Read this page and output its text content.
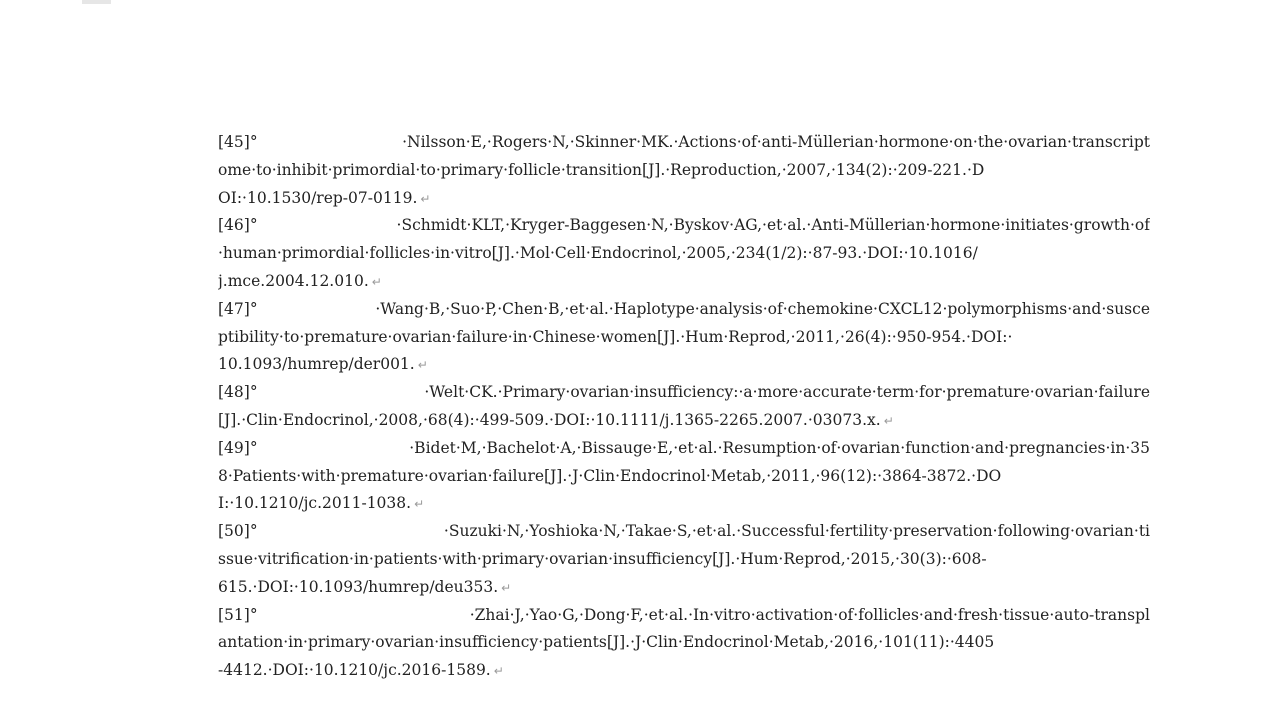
[45]° ·Nilsson·E,·Rogers·N,·Skinner·MK.·Actions·of·anti-Müllerian·hormone·on·the·ovarian·transcript
ome·to·inhibit·primordial·to·primary·follicle·transition[J].·Reproduction,·2007,·134(2):·209-221.·D
OI:·10.1530/rep-07-0119. ↵
[46]° ·Schmidt·KLT,·Kryger-Baggesen·N,·Byskov·AG,·et·al.·Anti-Müllerian·hormone·initiates·growth·of
·human·primordial·follicles·in·vitro[J].·Mol·Cell·Endocrinol,·2005,·234(1/2):·87-93.·DOI:·10.1016/
j.mce.2004.12.010. ↵
[47]° ·Wang·B,·Suo·P,·Chen·B,·et·al.·Haplotype·analysis·of·chemokine·CXCL12·polymorphisms·and·susce
ptibility·to·premature·ovarian·failure·in·Chinese·women[J].·Hum·Reprod,·2011,·26(4):·950-954.·DOI:·
10.1093/humrep/der001. ↵
[48]° ·Welt·CK.·Primary·ovarian·insufficiency:·a·more·accurate·term·for·premature·ovarian·failure
[J].·Clin·Endocrinol,·2008,·68(4):·499-509.·DOI:·10.1111/j.1365-2265.2007.·03073.x. ↵
[49]° ·Bidet·M,·Bachelot·A,·Bissauge·E,·et·al.·Resumption·of·ovarian·function·and·pregnancies·in·35
8·Patients·with·premature·ovarian·failure[J].·J·Clin·Endocrinol·Metab,·2011,·96(12):·3864-3872.·DO
I:·10.1210/jc.2011-1038. ↵
[50]° ·Suzuki·N,·Yoshioka·N,·Takae·S,·et·al.·Successful·fertility·preservation·following·ovarian·ti
ssue·vitrification·in·patients·with·primary·ovarian·insufficiency[J].·Hum·Reprod,·2015,·30(3):·608-
615.·DOI:·10.1093/humrep/deu353. ↵
[51]° ·Zhai·J,·Yao·G,·Dong·F,·et·al.·In·vitro·activation·of·follicles·and·fresh·tissue·auto-transpl
antation·in·primary·ovarian·insufficiency·patients[J].·J·Clin·Endocrinol·Metab,·2016,·101(11):·4405
-4412.·DOI:·10.1210/jc.2016-1589. ↵
